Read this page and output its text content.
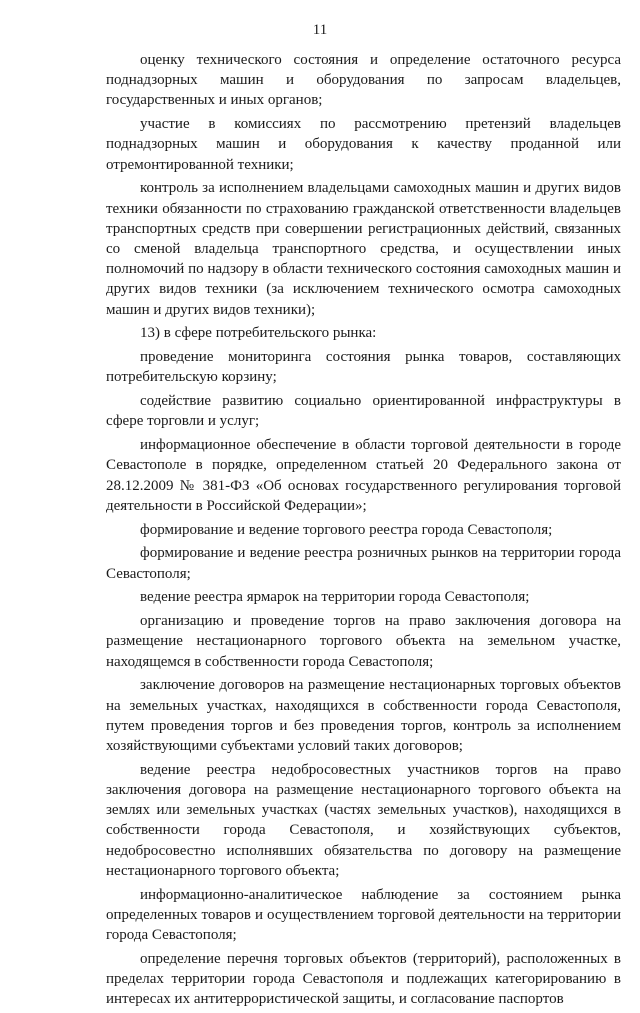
11

оценку технического состояния и определение остаточного ресурса поднадзорных машин и оборудования по запросам владельцев, государственных и иных органов;

участие в комиссиях по рассмотрению претензий владельцев поднадзорных машин и оборудования к качеству проданной или отремонтированной техники;

контроль за исполнением владельцами самоходных машин и других видов техники обязанности по страхованию гражданской ответственности владельцев транспортных средств при совершении регистрационных действий, связанных со сменой владельца транспортного средства, и осуществлении иных полномочий по надзору в области технического состояния самоходных машин и других видов техники (за исключением технического осмотра самоходных машин и других видов техники);

13) в сфере потребительского рынка:

проведение мониторинга состояния рынка товаров, составляющих потребительскую корзину;

содействие развитию социально ориентированной инфраструктуры в сфере торговли и услуг;

информационное обеспечение в области торговой деятельности в городе Севастополе в порядке, определенном статьей 20 Федерального закона от 28.12.2009 № 381-ФЗ «Об основах государственного регулирования торговой деятельности в Российской Федерации»;

формирование и ведение торгового реестра города Севастополя;

формирование и ведение реестра розничных рынков на территории города Севастополя;

ведение реестра ярмарок на территории города Севастополя;

организацию и проведение торгов на право заключения договора на размещение нестационарного торгового объекта на земельном участке, находящемся в собственности города Севастополя;

заключение договоров на размещение нестационарных торговых объектов на земельных участках, находящихся в собственности города Севастополя, путем проведения торгов и без проведения торгов, контроль за исполнением хозяйствующими субъектами условий таких договоров;

ведение реестра недобросовестных участников торгов на право заключения договора на размещение нестационарного торгового объекта на землях или земельных участках (частях земельных участков), находящихся в собственности города Севастополя, и хозяйствующих субъектов, недобросовестно исполнявших обязательства по договору на размещение нестационарного торгового объекта;

информационно-аналитическое наблюдение за состоянием рынка определенных товаров и осуществлением торговой деятельности на территории города Севастополя;

определение перечня торговых объектов (территорий), расположенных в пределах территории города Севастополя и подлежащих категорированию в интересах их антитеррористической защиты, и согласование паспортов
